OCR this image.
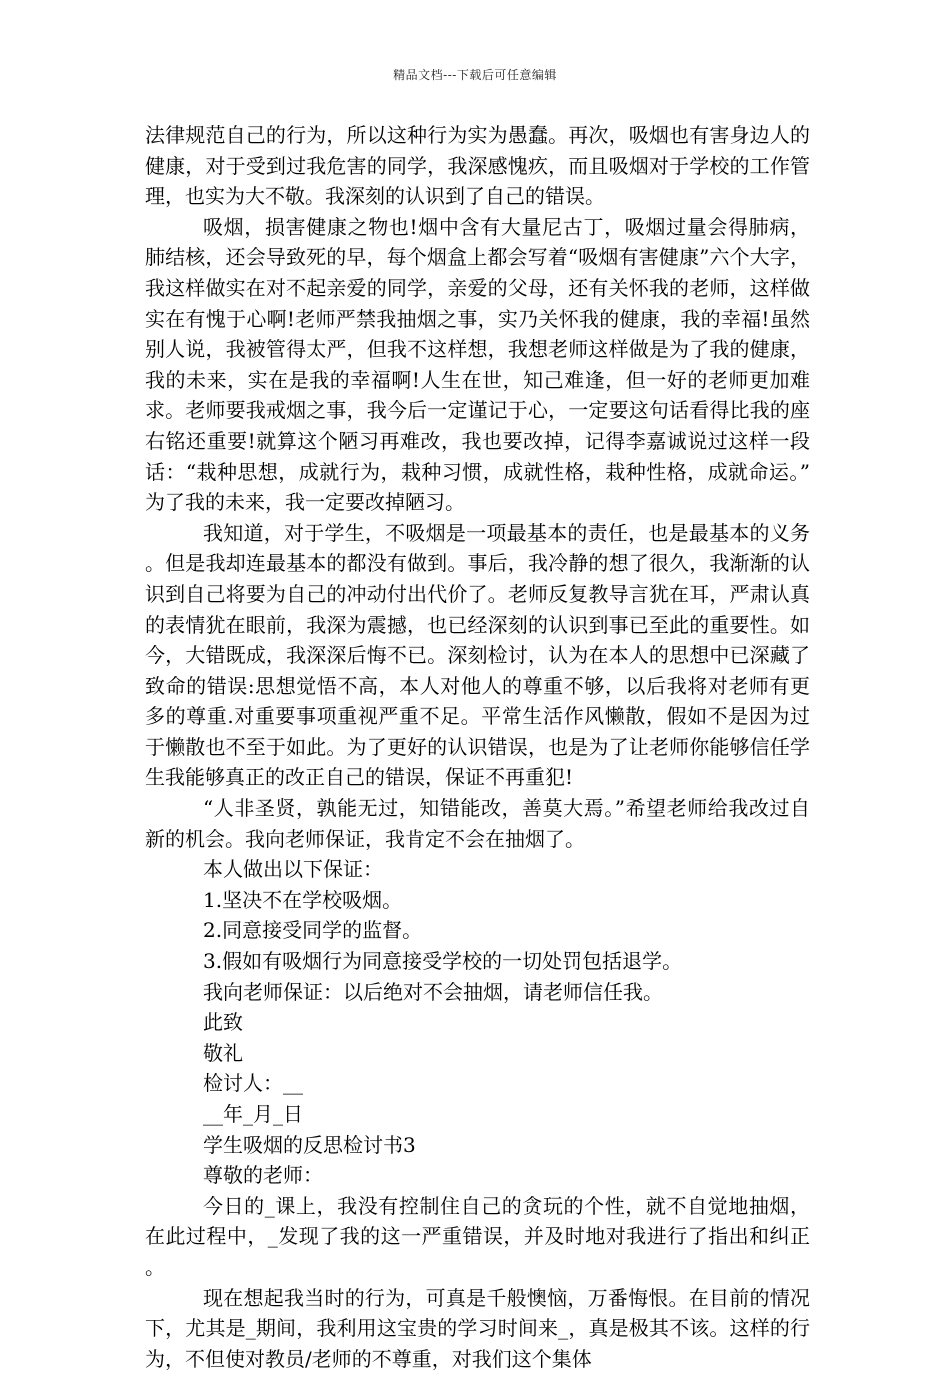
精品文档---下载后可任意编辑

法律规范自己的行为，所以这种行为实为愚蠢。再次，吸烟也有害身边人的健康，对于受到过我危害的同学，我深感愧疚，而且吸烟对于学校的工作管理，也实为大不敬。我深刻的认识到了自己的错误。

吸烟，损害健康之物也!烟中含有大量尼古丁，吸烟过量会得肺病，肺结核，还会导致死的早，每个烟盒上都会写着“吸烟有害健康”六个大字，我这样做实在对不起亲爱的同学，亲爱的父母，还有关怀我的老师，这样做实在有愧于心啊!老师严禁我抽烟之事，实乃关怀我的健康，我的幸福!虽然别人说，我被管得太严，但我不这样想，我想老师这样做是为了我的健康，我的未来，实在是我的幸福啊!人生在世，知己难逢，但一好的老师更加难求。老师要我戒烟之事，我今后一定谨记于心，一定要这句话看得比我的座右铭还重要!就算这个陋习再难改，我也要改掉，记得李嘉诚说过这样一段话：“栽种思想，成就行为，栽种习惯，成就性格，栽种性格，成就命运。”为了我的未来，我一定要改掉陋习。

我知道，对于学生，不吸烟是一项最基本的责任，也是最基本的义务。但是我却连最基本的都没有做到。事后，我冷静的想了很久，我渐渐的认识到自己将要为自己的冲动付出代价了。老师反复教导言犹在耳，严肃认真的表情犹在眼前，我深为震撼，也已经深刻的认识到事已至此的重要性。如今，大错既成，我深深后悔不已。深刻检讨，认为在本人的思想中已深藏了致命的错误:思想觉悟不高，本人对他人的尊重不够，以后我将对老师有更多的尊重.对重要事项重视严重不足。平常生活作风懒散，假如不是因为过于懒散也不至于如此。为了更好的认识错误，也是为了让老师你能够信任学生我能够真正的改正自己的错误，保证不再重犯!

“人非圣贤，孰能无过，知错能改，善莫大焉。”希望老师给我改过自新的机会。我向老师保证，我肯定不会在抽烟了。

本人做出以下保证：

1.坚决不在学校吸烟。

2.同意接受同学的监督。

3.假如有吸烟行为同意接受学校的一切处罚包括退学。

我向老师保证：以后绝对不会抽烟，请老师信任我。

此致

敬礼

检讨人：__

__年_月_日

学生吸烟的反思检讨书3

尊敬的老师：

今日的_课上，我没有控制住自己的贪玩的个性，就不自觉地抽烟，在此过程中，_发现了我的这一严重错误，并及时地对我进行了指出和纠正。

现在想起我当时的行为，可真是千般懊恼，万番悔恨。在目前的情况下，尤其是_期间，我利用这宝贵的学习时间来_，真是极其不该。这样的行为，不但使对教员/老师的不尊重，对我们这个集体
